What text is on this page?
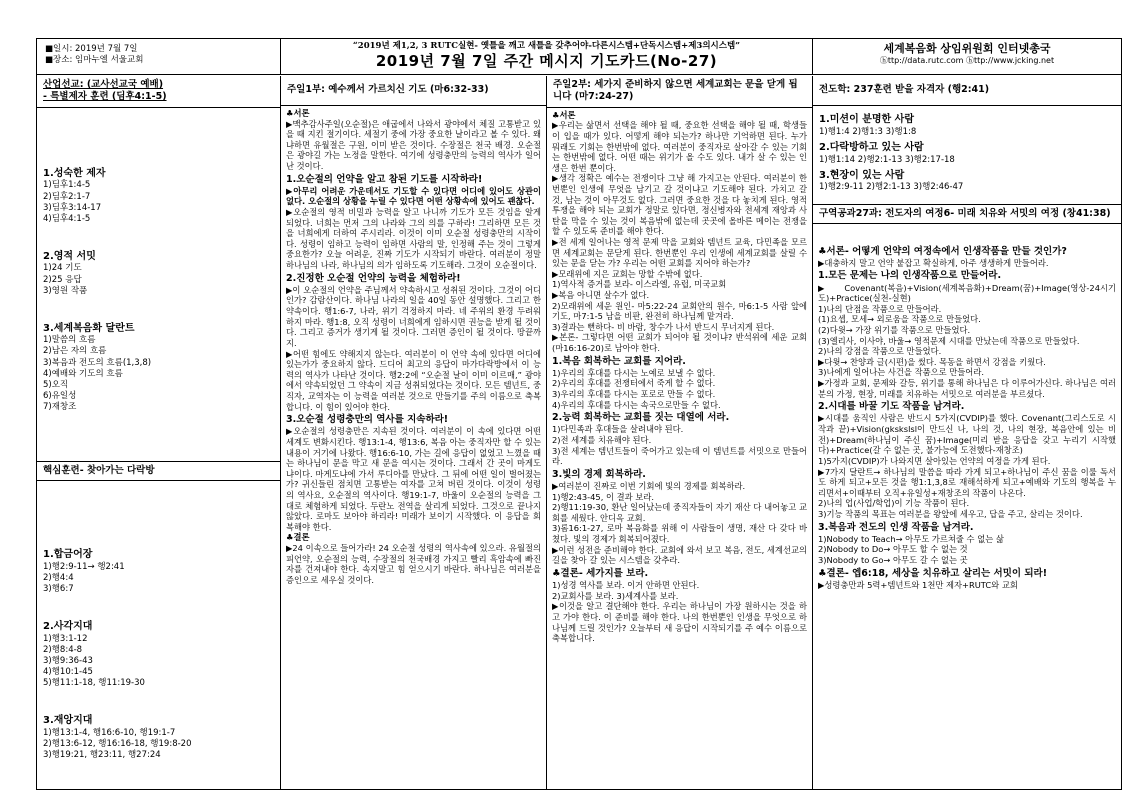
■일시: 2019년 7월 7일
■장소: 임마누엘 서울교회
“2019년 제1,2, 3 RUTC실현- 옛틀을 깨고 새틀을 갖추어야-다른시스템+단독시스템+제3의시스템”
2019년 7월 7일 주간 메시지 기도카드(No-27)
세계복음화 상임위원회 인터넷총국
ⓗttp://data.rutc.com ⓗttp://www.jcking.net
산업선교: (교사선교국 예배)
- 특별제자 훈련 (딤후4:1-5)
1.성숙한 제자
1)딤후1:4-5
2)딤후2:1-7
3)딤후3:14-17
4)딤후4:1-5
2.영적 서밋
1)24 기도
2)25 응답
3)영원 작품
3.세계복음화 달란트
1)말씀의 흐름
2)남은 자의 흐름
3)복음과 전도의 흐름(1,3,8)
4)예배와 기도의 흐름
5)오직
6)유일성
7)재창조
핵심훈련- 찾아가는 다락방
1.합금어장
1)행2:9-11→ 행2:41
2)행4:4
3)행6:7
2.사각지대
1)행3:1-12
2)행8:4-8
3)행9:36-43
4)행10:1-45
5)행11:1-18, 행11:19-30
3.재앙지대
1)행13:1-4, 행16:6-10, 행19:1-7
2)행13:6-12, 행16:16-18, 행19:8-20
3)행19:21, 행23:11, 행27:24
주일1부: 예수께서 가르치신 기도 (마6:32-33)
♣서론
▶맥추감사주일(오순절)은 애굽에서 나와서 광야에서 체질 고통받고 있을 때 지킨 절기이다. 세절기 중에 가장 중요한 날이라고 볼 수 있다. 왜냐하면 유월절은 구원, 이미 받은 것이다. 수장절은 천국 배경. 오순절은 광야길 가는 노정을 말한다. 여기에 성령충만의 능력의 역사가 일어난 것이다.
1.오순절의 언약을 알고 참된 기도를 시작하라!
▶아무리 어려운 가운데서도 기도할 수 있다면 어디에 있어도 상관이 없다. 오순절의 상황을 누릴 수 있다면 어떤 상황속에 있어도 괜찮다.
▶오순절의 영적 비밀과 능력을 알고 나니까 기도가 모든 것임을 알게 되었다. 너희는 먼저 그의 나라와 그의 의를 구하라! 그리하면 모든 것을 너희에게 더하여 주시리라. 이것이 이미 오순절 성령충만의 시작이다. 성령이 임하고 능력이 임하면 사람의 말, 인정해 주는 것이 그렇게 중요한가? 오늘 어려운, 진짜 기도가 시작되기 바란다. 여러분이 정말 하나님의 나라, 하나님의 의가 임하도록 기도해라. 그것이 오순절이다.
2.진정한 오순절 언약의 능력을 체험하라!
▶이 오순절의 언약을 주님께서 약속하시고 성취된 것이다. 그것이 어디인가? 감람산이다. 하나님 나라의 일을 40일 동안 설명했다. 그리고 한 약속이다. 행1:6-7, 나라, 위기 걱정하지 마라. 네 주위의 환경 두려워하지 마라. 행1:8, 오직 성령이 너희에게 임하시면 권능을 받게 될 것이다. 그리고 증거가 생기게 될 것이다. 그러면 증인이 될 것이다. 땅끝까지.
▶어떤 힘에도 약해지지 않는다. 여러분이 이 언약 속에 있다면 어디에 있는가가 중요하지 않다. 드디어 최고의 응답이 마가다락방에서 이 능력의 역사가 나타난 것이다. 행2:2에 “오순절 날이 이미 이르매,” 광야에서 약속되었던 그 약속이 지금 성취되었다는 것이다. 모든 템넌트, 중직자, 교역자는 이 능력을 여러분 것으로 만들기를 주의 이름으로 축복합니다. 이 힘이 있어야 한다.
3.오순절 성령충만의 역사를 지속하라!
▶오순절의 성령충만은 지속된 것이다. 여러분이 이 속에 있다면 어떤 세계도 변화시킨다. 행13:1-4, 행13:6, 복음 아는 중직자만 할 수 있는 내용이 거기에 나왔다. 행16:6-10, 가는 길에 응답이 없었고 느꼈을 때는 하나님이 문을 막고 새 문을 여시는 것이다. 그래서 간 곳이 마게도냐이다. 마게도냐에 가서 루디아를 만났다. 그 뒤에 어떤 일이 벌어졌는가? 귀신들린 점치면 고통받는 여자를 고쳐 버린 것이다. 이것이 성령의 역사요, 오순절의 역사이다. 행19:1-7, 바울이 오순절의 능력을 그대로 체험하게 되었다. 두란노 전역을 살리게 되었다. 그것으로 끝나지 않았다. 로마도 보아야 하리라! 미래가 보이기 시작했다. 이 응답을 회복해야 한다.
♣결론
▶24 이속으로 들어가라! 24 오순절 성령의 역사속에 있으라. 유월절의 피언약, 오순절의 능력, 수장절의 천국배경 가지고 빨리 흑암속에 빠진 자를 건져내야 한다. 속지말고 힘 얻으시기 바란다. 하나님은 여러분을 증인으로 세우실 것이다.
주일2부: 세가지 준비하지 않으면 세계교회는 문을 닫게 됩니다 (마7:24-27)
♣서론
▶우리는 삶면서 선택을 해야 될 때, 중요한 선택을 해야 될 때, 학생들이 입을 때가 있다. 어떻게 해야 되는가? 하나만 기억하면 된다. 누가 뭐래도 기회는 한번밖에 없다. 여러분이 중직자로 살아갈 수 있는 기회는 한번밖에 없다. 어떤 때는 위기가 올 수도 있다. 내가 살 수 있는 인생은 한번 뿐이다.
▶생각 정확은 예수는 전쟁이다 그냥 해 가지고는 안된다. 여러분이 한번뿐인 인생에 무엇을 남기고 갈 것이냐고 기도해야 된다. 가치고 갈 것, 남는 것이 아무것도 없다. 그러면 중요한 것을 다 놓치게 된다. 영적투쟁을 해야 되는 교회가 정말로 있다면, 정신병자와 전세계 재앙과 사탄을 막을 수 있는 것이 복음밖에 없는데 곳곳에 올바른 메이는 전쟁을 할 수 있도록 준비를 해야 한다.
▶전 세계 일어나는 영적 문제 막을 교회와 템넌트 교육, 다민족을 모르면 세계교회는 문닫게 된다. 한번뿐인 우리 인생에 세계교회를 살릴 수 있는 문을 닫는 가? 우리는 어떤 교회를 지어야 하는가?
▶모래위에 지은 교회는 망할 수밖에 없다.
1)역사적 증거를 보라- 이스라엘, 유럽, 미국교회
▶복음 아니면 살수가 없다.
2)모래위에 세운 원인- 마5:22-24 교회안의 원수, 마6:1-5 사람 앞에 기도, 마7:1-5 남을 비판, 완전히 하나님께 맡겨라.
3)결과는 뻔하다- 비 바람, 창수가 나서 반드시 무너지게 된다.
▶본론- 그렇다면 어떤 교회가 되어야 될 것이냐? 반석위에 세운 교회(마16:16-20)로 남아야 한다.
1.복음 회복하는 교회를 지어라.
1)우리의 후대를 다시는 노예로 보낼 수 없다.
2)우리의 후대를 전쟁터에서 죽게 할 수 없다.
3)우리의 후대를 다시는 포로로 만들 수 없다.
4)우리의 후대를 다시는 속국으로만들 수 없다.
2.능력 회복하는 교회를 짓는 대열에 서라.
1)다민족과 후대들을 살려내야 된다.
2)전 세계를 치유해야 된다.
3)전 세계는 템넌트들이 죽어가고 있는데 이 템넌트를 서밋으로 만들어라.
3.빛의 경제 회복하라.
▶여러분이 진짜로 이번 기회에 빛의 경제를 회복하라.
1)행2:43-45, 이 결과 보라.
2)행11:19-30, 환난 일어났는데 중직자들이 자기 재산 다 내어놓고 교회를 세웠다. 안디옥 교회.
3)롬16:1-27, 로마 복음화를 위해 이 사람들이 생명, 재산 다 갖다 바쳤다. 빛의 경제가 회복되어졌다.
▶이런 성전을 준비해야 한다. 교회에 와서 보고 복음, 전도, 세계선교의 길을 찾아 갈 있는 시스템을 갖추라.
♣결론- 세가지를 보라.
1)성경 역사를 보라. 이거 안하면 안된다.
2)교회사를 보라. 3)세계사를 보라.
▶이것을 알고 결단해야 한다. 우리는 하나님이 가장 원하시는 것을 하고 가야 한다. 이 준비를 해야 한다. 나의 한번뿐인 인생을 무엇으로 하나님께 드릴 것인가? 오늘부터 새 응답이 시작되기를 주 예수 이름으로 축복합니다.
전도학: 237훈련 받을 자격자 (행2:41)
1.미션이 분명한 사람
1)행1:4 2)행1:3 3)행1:8
2.다락방하고 있는 사람
1)행1:14 2)행2:1-13 3)행2:17-18
3.현장이 있는 사람
1)행2:9-11 2)행2:1-13 3)행2:46-47
구역공과27과: 전도자의 여정6- 미래 치유와 서밋의 여정 (창41:38)
♣서론- 어떻게 언약의 여정속에서 인생작품을 만들 것인가?
▶대충하지 말고 언약 붙잡고 확실하게, 아주 생생하게 만들어라.
1.모든 문제는 나의 인생작품으로 만들어라.
▶Covenant(복음)+Vision(세계복음화)+Dream(꿈)+Image(영상-24시기도)+Practice(실천-실현)
1)나의 단점을 작품으로 만들어라.
(1)요셉, 모세→ 외로움을 작품으로 만들었다.
(2)다윗→ 가장 위기를 작품으로 만들었다.
(3)엘리사, 이사야, 바울→ 영적문제 시대를 만났는데 작품으로 만들었다.
2)나의 강점을 작품으로 만들었다.
▶다윗→ 찬양과 글(시편)을 썼다. 목동을 하면서 강점을 키웠다.
3)나에게 일어나는 사건을 작품으로 만들어라.
▶가정과 교회, 문제와 갈등, 위기를 통해 하나님은 다 이루어가신다. 하나님은 여러분의 가정, 현장, 미래를 치유하는 서밋으로 여러분을 부르셨다.
2.시대를 바꿀 기도 작품을 남겨라.
▶시대를 움직인 사람은 반드시 5가지(CVDIP)를 했다. Covenant(그리스도로 시작과 끝)+Vision(gkskslsl이 만드신 나, 나의 것, 나의 현장, 복음안에 있는 비전)+Dream(하나님이 주신 꿈)+Image(미리 받을 응답을 갖고 누리기 시작했다)+Practice(갈 수 없는 곳, 불가능에 도전했다-재창조)
1)5가지(CVDIP)가 나와지면 살아있는 언약의 여정을 가게 된다.
▶7가지 달란트→ 하나님의 말씀을 따라 가게 되고+하나님이 주신 꿈을 이룰 독서도 하게 되고+모든 것을 행1:1,3,8로 재해석하게 되고+예배와 기도의 행복을 누리면서+이때부터 오직+유일성+재창조의 작품이 나온다.
2)나의 업(사업/학업)이 기능 작품이 된다.
3)기능 작품의 목표는 여러분을 왕앞에 세우고, 답을 주고, 살리는 것이다.
3.복음과 전도의 인생 작품을 남겨라.
1)Nobody to Teach→ 아무도 가르쳐줄 수 없는 삶
2)Nobody to Do→ 아무도 할 수 없는 것
3)Nobody to Go→ 아무도 갈 수 없는 곳
♣결론- 엡6:18, 세상을 치유하고 살리는 서밋이 되라!
▶성령충만과 5력+템넌트와 1천만 제자+RUTC와 교회
